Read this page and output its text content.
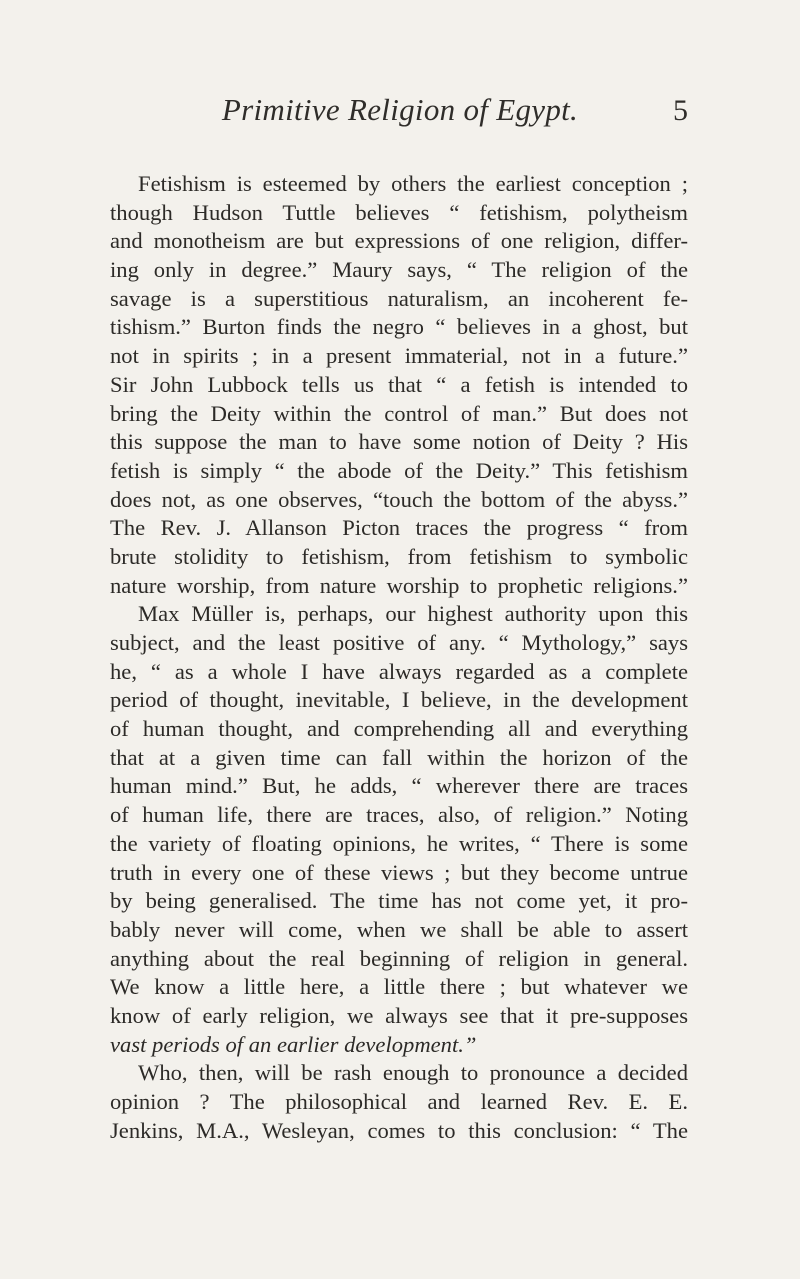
Primitive Religion of Egypt.	5
Fetishism is esteemed by others the earliest conception ;
though Hudson Tuttle believes “ fetishism, polytheism
and monotheism are but expressions of one religion, differ-
ing only in degree.” Maury says, “ The religion of the
savage is a superstitious naturalism, an incoherent fe-
tishism.” Burton finds the negro “ believes in a ghost, but
not in spirits ; in a present immaterial, not in a future.”
Sir John Lubbock tells us that “ a fetish is intended to
bring the Deity within the control of man.” But does not
this suppose the man to have some notion of Deity ? His
fetish is simply “ the abode of the Deity.” This fetishism
does not, as one observes, “touch the bottom of the abyss.”
The Rev. J. Allanson Picton traces the progress “ from
brute stolidity to fetishism, from fetishism to symbolic
nature worship, from nature worship to prophetic religions.”
Max Müller is, perhaps, our highest authority upon this
subject, and the least positive of any. “ Mythology,” says
he, “ as a whole I have always regarded as a complete
period of thought, inevitable, I believe, in the development
of human thought, and comprehending all and everything
that at a given time can fall within the horizon of the
human mind.” But, he adds, “ wherever there are traces
of human life, there are traces, also, of religion.” Noting
the variety of floating opinions, he writes, “ There is some
truth in every one of these views ; but they become untrue
by being generalised. The time has not come yet, it pro-
bably never will come, when we shall be able to assert
anything about the real beginning of religion in general.
We know a little here, a little there ; but whatever we
know of early religion, we always see that it pre-supposes
vast periods of an earlier development.”
Who, then, will be rash enough to pronounce a decided
opinion ? The philosophical and learned Rev. E. E.
Jenkins, M.A., Wesleyan, comes to this conclusion: “ The
